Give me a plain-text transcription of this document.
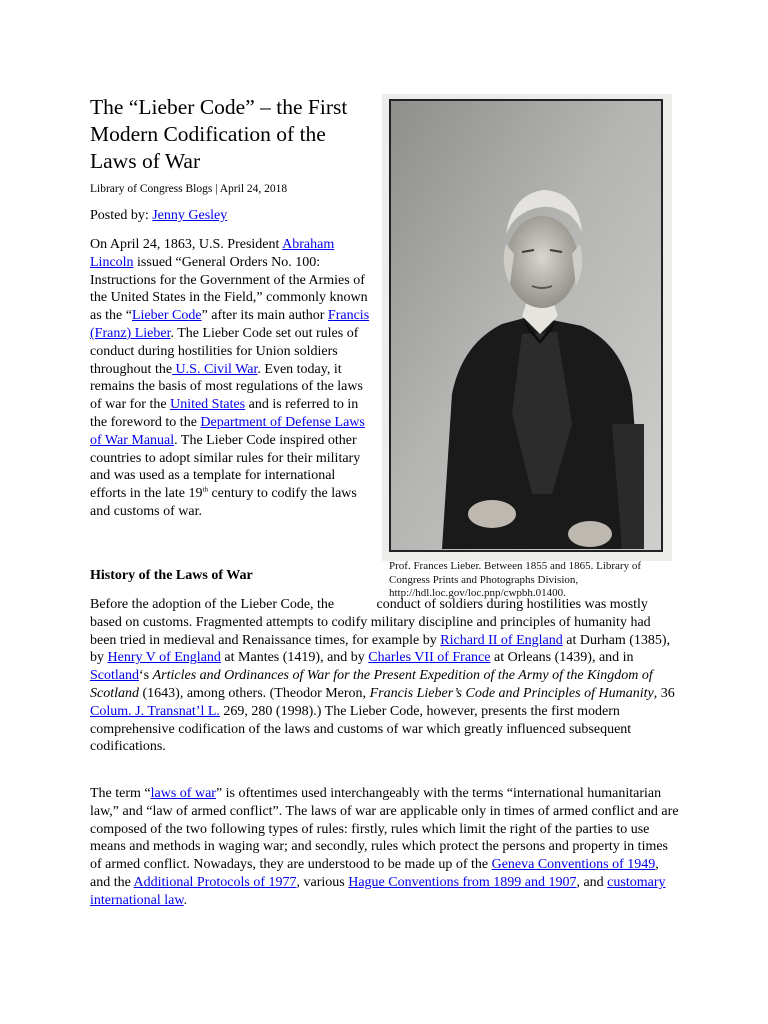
The “Lieber Code” – the First Modern Codification of the Laws of War
Library of Congress Blogs | April 24, 2018
Posted by: Jenny Gesley

On April 24, 1863, U.S. President Abraham Lincoln issued “General Orders No. 100: Instructions for the Government of the Armies of the United States in the Field,” commonly known as the “Lieber Code” after its main author Francis (Franz) Lieber. The Lieber Code set out rules of conduct during hostilities for Union soldiers throughout the U.S. Civil War. Even today, it remains the basis of most regulations of the laws of war for the United States and is referred to in the foreword to the Department of Defense Laws of War Manual. The Lieber Code inspired other countries to adopt similar rules for their military and was used as a template for international efforts in the late 19th century to codify the laws and customs of war.

Prof. Frances Lieber. Between 1855 and 1865. Library of Congress Prints and Photographs Division, http://hdl.loc.gov/loc.pnp/cwpbh.01400.
History of the Laws of War

Before the adoption of the Lieber Code, the	conduct of soldiers during hostilities was mostly based on customs. Fragmented attempts to codify military discipline and principles of humanity had been tried in medieval and Renaissance times, for example by Richard II of England at Durham (1385), by Henry V of England at Mantes (1419), and by Charles VII of France at Orleans (1439), and in Scotland‘s Articles and Ordinances of War for the Present Expedition of the Army of the Kingdom of Scotland (1643), among others. (Theodor Meron, Francis Lieber’s Code and Principles of Humanity, 36 Colum. J. Transnat’l L. 269, 280 (1998).) The Lieber Code, however, presents the first modern comprehensive codification of the laws and customs of war which greatly influenced subsequent codifications.

The term “laws of war” is oftentimes used interchangeably with the terms “international humanitarian law,” and “law of armed conflict”. The laws of war are applicable only in times of armed conflict and are composed of the two following types of rules: firstly, rules which limit the right of the parties to use means and methods in waging war; and secondly, rules which protect the persons and property in times of armed conflict. Nowadays, they are understood to be made up of the Geneva Conventions of 1949, and the Additional Protocols of 1977, various Hague Conventions from 1899 and 1907, and customary international law.
